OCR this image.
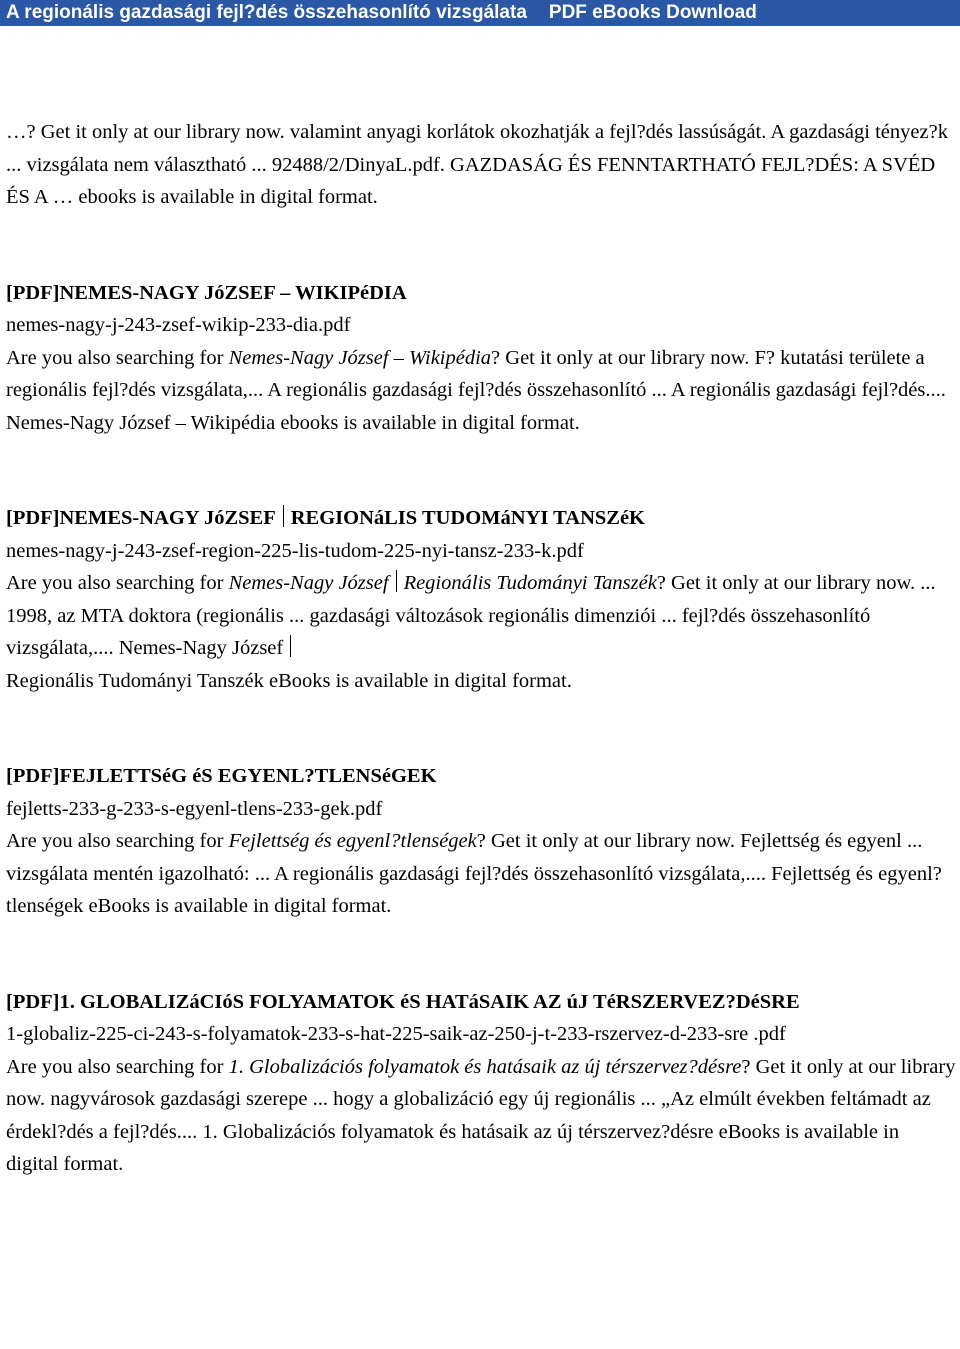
A regionális gazdasági fejl?dés összehasonlító vizsgálata PDF eBooks Download

…? Get it only at our library now. valamint anyagi korlátok okozhatják a fejl?dés lassúságát. A gazdasági tényez?k ... vizsgálata nem választható ... 92488/2/DinyaL.pdf. GAZDASÁG ÉS FENNTARTHATÓ FEJL?DÉS: A SVÉD ÉS A … ebooks is available in digital format.

[PDF]NEMES-NAGY JóZSEF – WIKIPéDIA

nemes-nagy-j-243-zsef-wikip-233-dia.pdf

Are you also searching for Nemes-Nagy József – Wikipédia? Get it only at our library now. F? kutatási területe a regionális fejl?dés vizsgálata,... A regionális gazdasági fejl?dés összehasonlító ... A regionális gazdasági fejl?dés.... Nemes-Nagy József – Wikipédia ebooks is available in digital format.

[PDF]NEMES-NAGY JóZSEF REGIONáLIS TUDOMáNYI TANSZéK

nemes-nagy-j-243-zsef-region-225-lis-tudom-225-nyi-tansz-233-k.pdf

Are you also searching for Nemes-Nagy József Regionális Tudományi Tanszék? Get it only at our library now. ... 1998, az MTA doktora (regionális ... gazdasági változások regionális dimenziói ... fejl?dés összehasonlító vizsgálata,.... Nemes-Nagy József
Regionális Tudományi Tanszék eBooks is available in digital format.

[PDF]FEJLETTSéG éS EGYENL?TLENSéGEK

fejletts-233-g-233-s-egyenl-tlens-233-gek.pdf

Are you also searching for Fejlettség és egyenl?tlenségek? Get it only at our library now. Fejlettség és egyenl ... vizsgálata mentén igazolható: ... A regionális gazdasági fejl?dés összehasonlító vizsgálata,.... Fejlettség és egyenl?tlenségek eBooks is available in digital format.

[PDF]1. GLOBALIZáCIóS FOLYAMATOK éS HATáSAIK AZ úJ TéRSZERVEZ?DéSRE

1-globaliz-225-ci-243-s-folyamatok-233-s-hat-225-saik-az-250-j-t-233-rszervez-d-233-sre .pdf

Are you also searching for 1. Globalizációs folyamatok és hatásaik az új térszervez?désre? Get it only at our library now. nagyvárosok gazdasági szerepe ... hogy a globalizáció egy új regionális ... „Az elmúlt években feltámadt az érdekl?dés a fejl?dés.... 1. Globalizációs folyamatok és hatásaik az új térszervez?désre eBooks is available in digital format.
